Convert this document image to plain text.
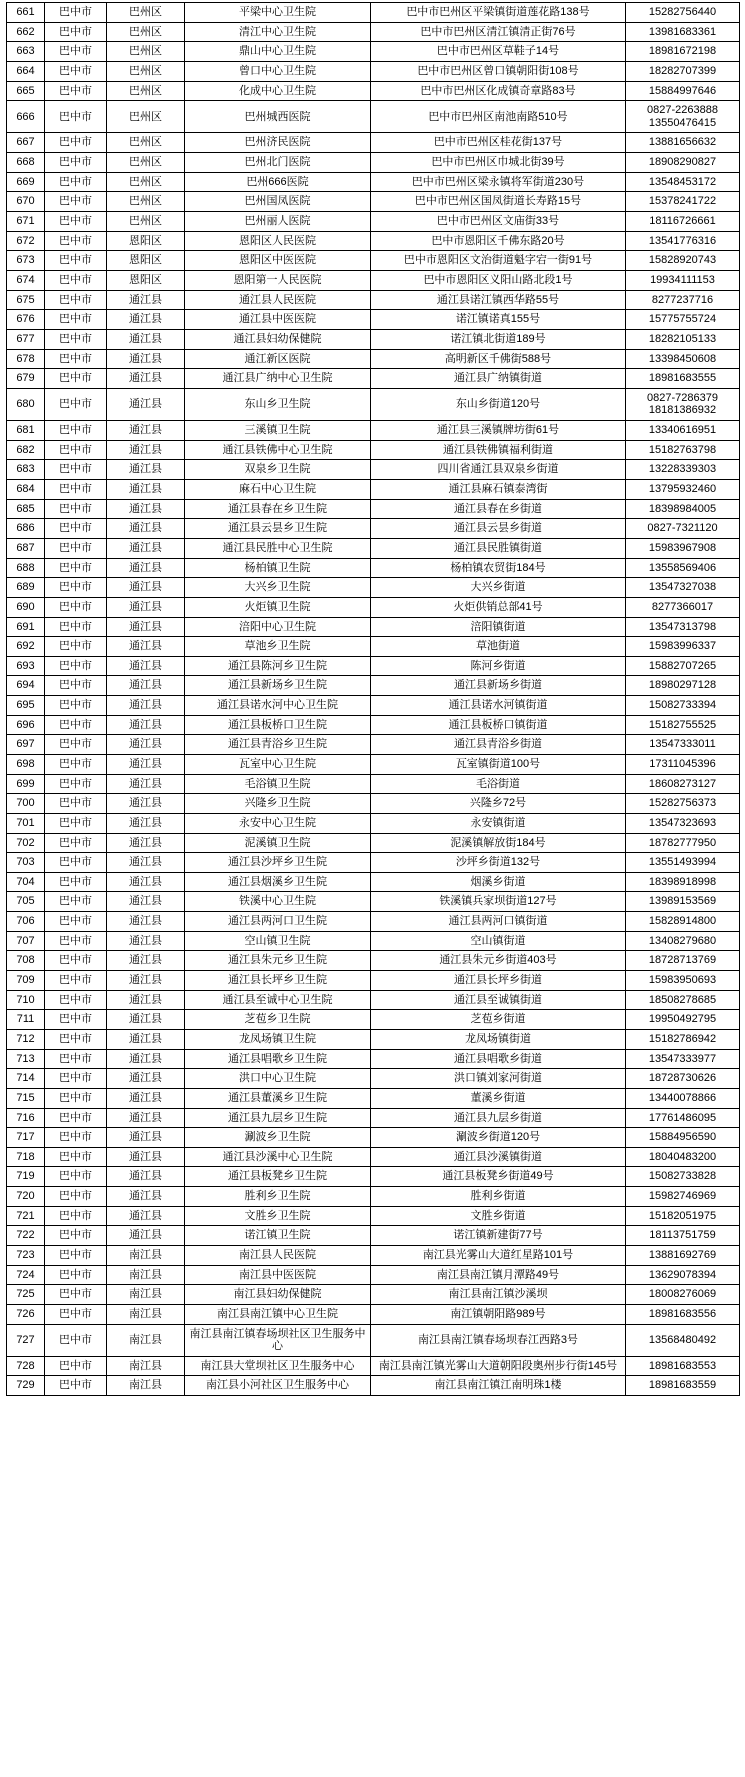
661	巴中市	巴州区	平梁中心卫生院	巴中市巴州区平梁镇街道莲花路138号	15282756440
662	巴中市	巴州区	清江中心卫生院	巴中市巴州区清江镇清正街76号	13981683361
663	巴中市	巴州区	鼎山中心卫生院	巴中市巴州区草鞋子14号	18981672198
664	巴中市	巴州区	曾口中心卫生院	巴中市巴州区曾口镇朝阳街108号	18282707399
665	巴中市	巴州区	化成中心卫生院	巴中市巴州区化成镇奇章路83号	15884997646
666	巴中市	巴州区	巴州城西医院	巴中市巴州区南池南路510号	0827-2263888
13550476415
667	巴中市	巴州区	巴州济民医院	巴中市巴州区桂花街137号	13881656632
668	巴中市	巴州区	巴州北门医院	巴中市巴州区巾城北街39号	18908290827
669	巴中市	巴州区	巴州666医院	巴中市巴州区梁永镇将军街道230号	13548453172
670	巴中市	巴州区	巴州国凤医院	巴中市巴州区国凤街道长寿路15号	15378241722
671	巴中市	巴州区	巴州丽人医院	巴中市巴州区文庙街33号	18116726661
672	巴中市	恩阳区	恩阳区人民医院	巴中市恩阳区千佛东路20号	13541776316
673	巴中市	恩阳区	恩阳区中医医院	巴中市恩阳区文治街道魁字宕一街91号	15828920743
674	巴中市	恩阳区	恩阳第一人民医院	巴中市恩阳区义阳山路北段1号	19934111153
675	巴中市	通江县	通江县人民医院	通江县诺江镇西华路55号	8277237716
676	巴中市	通江县	通江县中医医院	诺江镇诺真155号	15775755724
677	巴中市	通江县	通江县妇幼保健院	诺江镇北街道189号	18282105133
678	巴中市	通江县	通江新区医院	高明新区千佛街588号	13398450608
679	巴中市	通江县	通江县广纳中心卫生院	通江县广纳镇街道	18981683555
680	巴中市	通江县	东山乡卫生院	东山乡街道120号	0827-7286379
18181386932
681	巴中市	通江县	三溪镇卫生院	通江县三溪镇牌坊街61号	13340616951
682	巴中市	通江县	通江县铁佛中心卫生院	通江县铁佛镇福利街道	15182763798
683	巴中市	通江县	双泉乡卫生院	四川省通江县双泉乡街道	13228339303
684	巴中市	通江县	麻石中心卫生院	通江县麻石镇泰湾街	13795932460
685	巴中市	通江县	通江县春在乡卫生院	通江县春在乡街道	18398984005
686	巴中市	通江县	通江县云昙乡卫生院	通江县云昙乡街道	0827-7321120
687	巴中市	通江县	通江县民胜中心卫生院	通江县民胜镇街道	15983967908
688	巴中市	通江县	杨柏镇卫生院	杨柏镇农贸街184号	13558569406
689	巴中市	通江县	大兴乡卫生院	大兴乡街道	13547327038
690	巴中市	通江县	火炬镇卫生院	火炬供销总部41号	8277366017
691	巴中市	通江县	涪阳中心卫生院	涪阳镇街道	13547313798
692	巴中市	通江县	草池乡卫生院	草池街道	15983996337
693	巴中市	通江县	通江县陈河乡卫生院	陈河乡街道	15882707265
694	巴中市	通江县	通江县新场乡卫生院	通江县新场乡街道	18980297128
695	巴中市	通江县	通江县诺水河中心卫生院	通江县诺水河镇街道	15082733394
696	巴中市	通江县	通江县板桥口卫生院	通江县板桥口镇街道	15182755525
697	巴中市	通江县	通江县青浴乡卫生院	通江县青浴乡街道	13547333011
698	巴中市	通江县	瓦室中心卫生院	瓦室镇街道100号	17311045396
699	巴中市	通江县	毛浴镇卫生院	毛浴街道	18608273127
700	巴中市	通江县	兴隆乡卫生院	兴隆乡72号	15282756373
701	巴中市	通江县	永安中心卫生院	永安镇街道	13547323693
702	巴中市	通江县	泥溪镇卫生院	泥溪镇解放街184号	18782777950
703	巴中市	通江县	通江县沙坪乡卫生院	沙坪乡街道132号	13551493994
704	巴中市	通江县	通江县烟溪乡卫生院	烟溪乡街道	18398918998
705	巴中市	通江县	铁溪中心卫生院	铁溪镇兵家坝街道127号	13989153569
706	巴中市	通江县	通江县两河口卫生院	通江县两河口镇街道	15828914800
707	巴中市	通江县	空山镇卫生院	空山镇街道	13408279680
708	巴中市	通江县	通江县朱元乡卫生院	通江县朱元乡街道403号	18728713769
709	巴中市	通江县	通江县长坪乡卫生院	通江县长坪乡街道	15983950693
710	巴中市	通江县	通江县至诚中心卫生院	通江县至诚镇街道	18508278685
711	巴中市	通江县	芝苞乡卫生院	芝苞乡街道	19950492795
712	巴中市	通江县	龙凤场镇卫生院	龙凤场镇街道	15182786942
713	巴中市	通江县	通江县唱歌乡卫生院	通江县唱歌乡街道	13547333977
714	巴中市	通江县	洪口中心卫生院	洪口镇刘家河街道	18728730626
715	巴中市	通江县	通江县董溪乡卫生院	董溪乡街道	13440078866
716	巴中市	通江县	通江县九层乡卫生院	通江县九层乡街道	17761486095
717	巴中市	通江县	涮波乡卫生院	涮波乡街道120号	15884956590
718	巴中市	通江县	通江县沙溪中心卫生院	通江县沙溪镇街道	18040483200
719	巴中市	通江县	通江县板凳乡卫生院	通江县板凳乡街道49号	15082733828
720	巴中市	通江县	胜利乡卫生院	胜利乡街道	15982746969
721	巴中市	通江县	文胜乡卫生院	文胜乡街道	15182051975
722	巴中市	通江县	诺江镇卫生院	诺江镇新建街77号	18113751759
723	巴中市	南江县	南江县人民医院	南江县光雾山大道红星路101号	13881692769
724	巴中市	南江县	南江县中医医院	南江县南江镇月潭路49号	13629078394
725	巴中市	南江县	南江县妇幼保健院	南江县南江镇沙溪坝	18008276069
726	巴中市	南江县	南江县南江镇中心卫生院	南江镇朝阳路989号	18981683556
727	巴中市	南江县	南江县南江镇春场坝社区卫生服务中心	南江县南江镇春场坝春江西路3号	13568480492
728	巴中市	南江县	南江县大堂坝社区卫生服务中心	南江县南江镇光雾山大道朝阳段奥州步行街145号	18981683553
729	巴中市	南江县	南江县小河社区卫生服务中心	南江县南江镇江南明珠1楼	18981683559
